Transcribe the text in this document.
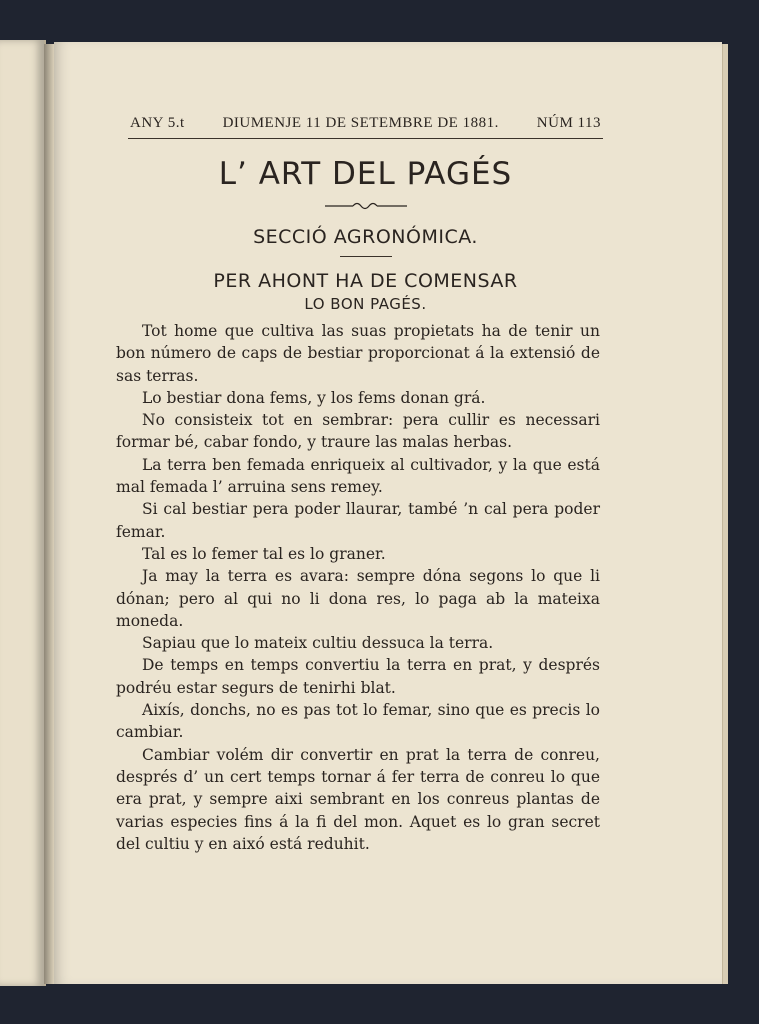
ANY 5.t	DIUMENJE 11 DE SETEMBRE DE 1881.	NÚM 113
L’ ART DEL PAGÉS
SECCIÓ AGRONÓMICA.
PER AHONT HA DE COMENSAR
LO BON PAGÉS.

Tot home que cultiva las suas propietats ha de tenir un bon número de caps de bestiar proporcionat á la extensió de sas terras.

Lo bestiar dona fems, y los fems donan grá.

No consisteix tot en sembrar: pera cullir es necessari formar bé, cabar fondo, y traure las malas herbas.

La terra ben femada enriqueix al cultivador, y la que está mal femada l’ arruina sens remey.

Si cal bestiar pera poder llaurar, també ’n cal pera poder femar.

Tal es lo femer tal es lo graner.

Ja may la terra es avara: sempre dóna segons lo que li dónan; pero al qui no li dona res, lo paga ab la mateixa moneda.

Sapiau que lo mateix cultiu dessuca la terra.

De temps en temps convertiu la terra en prat, y després podréu estar segurs de tenirhi blat.

Aixís, donchs, no es pas tot lo femar, sino que es precis lo cambiar.

Cambiar volém dir convertir en prat la terra de conreu, després d’ un cert temps tornar á fer terra de conreu lo que era prat, y sempre aixi sembrant en los conreus plantas de varias especies fins á la fi del mon. Aquet es lo gran secret del cultiu y en aixó está reduhit.
